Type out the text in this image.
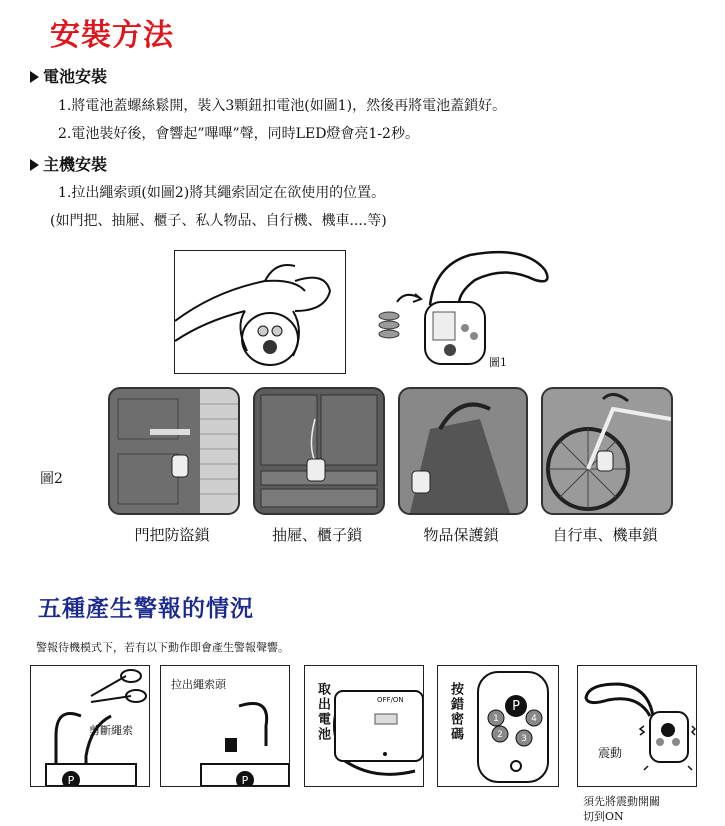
安裝方法
電池安裝
1.將電池蓋螺絲鬆開，裝入3顆鈕扣電池(如圖1)，然後再將電池蓋鎖好。
2.電池裝好後，會響起”嗶嗶”聲，同時LED燈會亮1-2秒。
主機安裝
1.拉出繩索頭(如圖2)將其繩索固定在欲使用的位置。
(如門把、抽屜、櫃子、私人物品、自行機、機車....等)
圖1
圖2
門把防盜鎖	抽屜、櫃子鎖	物品保護鎖	自行車、機車鎖
五種產生警報的情況
警報待機模式下，若有以下動作即會產生警報聲響。
P
剪斷繩索
P
拉出繩索頭	取出電池	OFF/ON	P
1	4
2 3
按錯密碼
震動
須先將震動開關
切到ON
